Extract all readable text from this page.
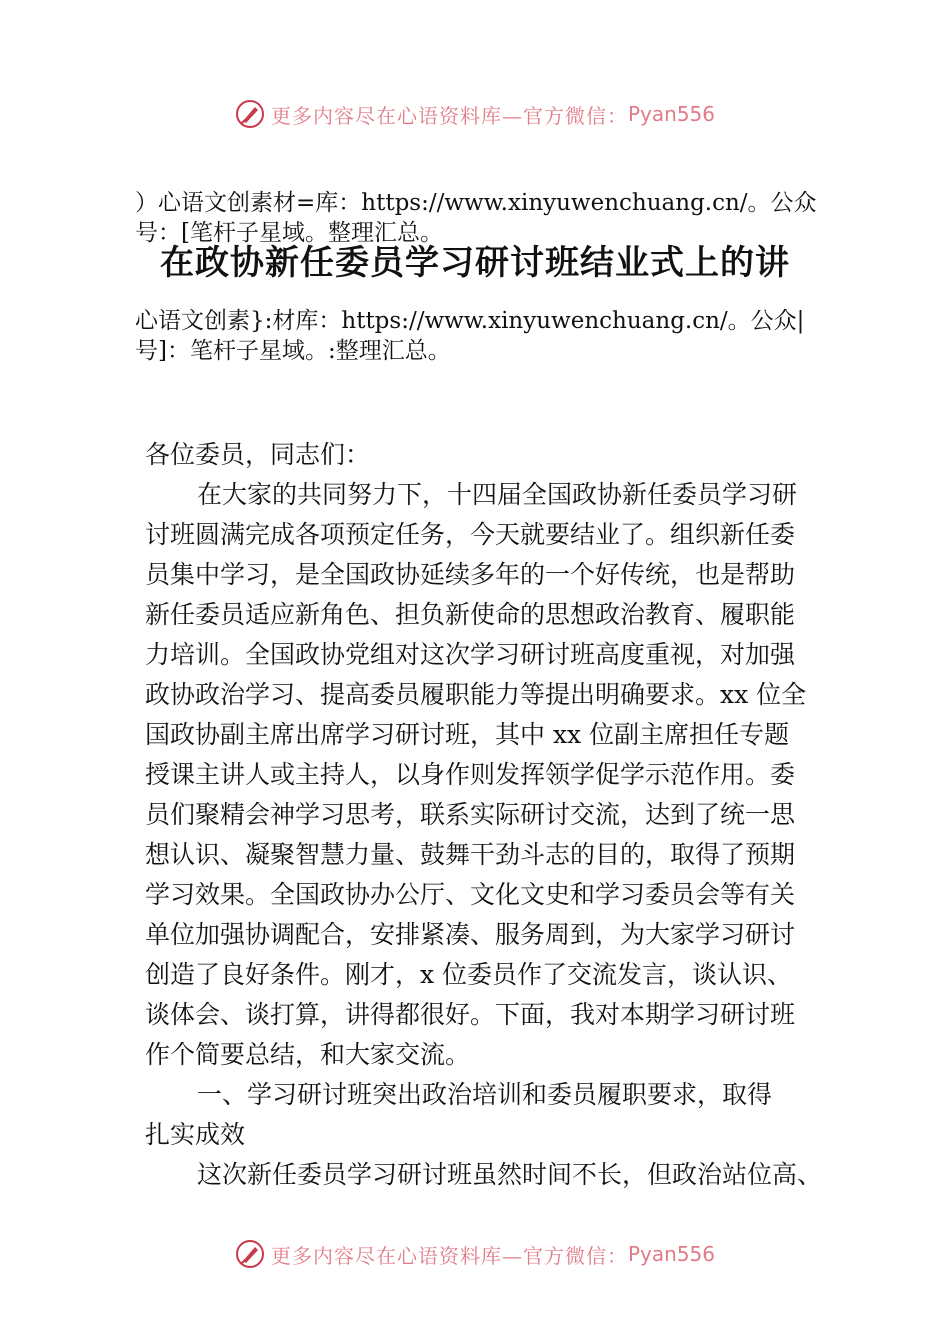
更多内容尽在心语资料库—官方微信： Pyan556
）心语文创素材=库：https://www.xinyuwenchuang.cn/。公众
号：[笔杆子星域。整理汇总。
在政协新任委员学习研讨班结业式上的讲
心语文创素}:材库：https://www.xinyuwenchuang.cn/。公众|
号]：笔杆子星域。:整理汇总。
各位委员，同志们：
在大家的共同努力下，十四届全国政协新任委员学习研
讨班圆满完成各项预定任务，今天就要结业了。组织新任委
员集中学习，是全国政协延续多年的一个好传统，也是帮助
新任委员适应新角色、担负新使命的思想政治教育、履职能
力培训。全国政协党组对这次学习研讨班高度重视，对加强
政协政治学习、提高委员履职能力等提出明确要求。xx 位全
国政协副主席出席学习研讨班，其中 xx 位副主席担任专题
授课主讲人或主持人，以身作则发挥领学促学示范作用。委
员们聚精会神学习思考，联系实际研讨交流，达到了统一思
想认识、凝聚智慧力量、鼓舞干劲斗志的目的，取得了预期
学习效果。全国政协办公厅、文化文史和学习委员会等有关
单位加强协调配合，安排紧凑、服务周到，为大家学习研讨
创造了良好条件。刚才，x 位委员作了交流发言，谈认识、
谈体会、谈打算，讲得都很好。下面，我对本期学习研讨班
作个简要总结，和大家交流。
一、学习研讨班突出政治培训和委员履职要求，取得
扎实成效
这次新任委员学习研讨班虽然时间不长，但政治站位高、
更多内容尽在心语资料库—官方微信： Pyan556
